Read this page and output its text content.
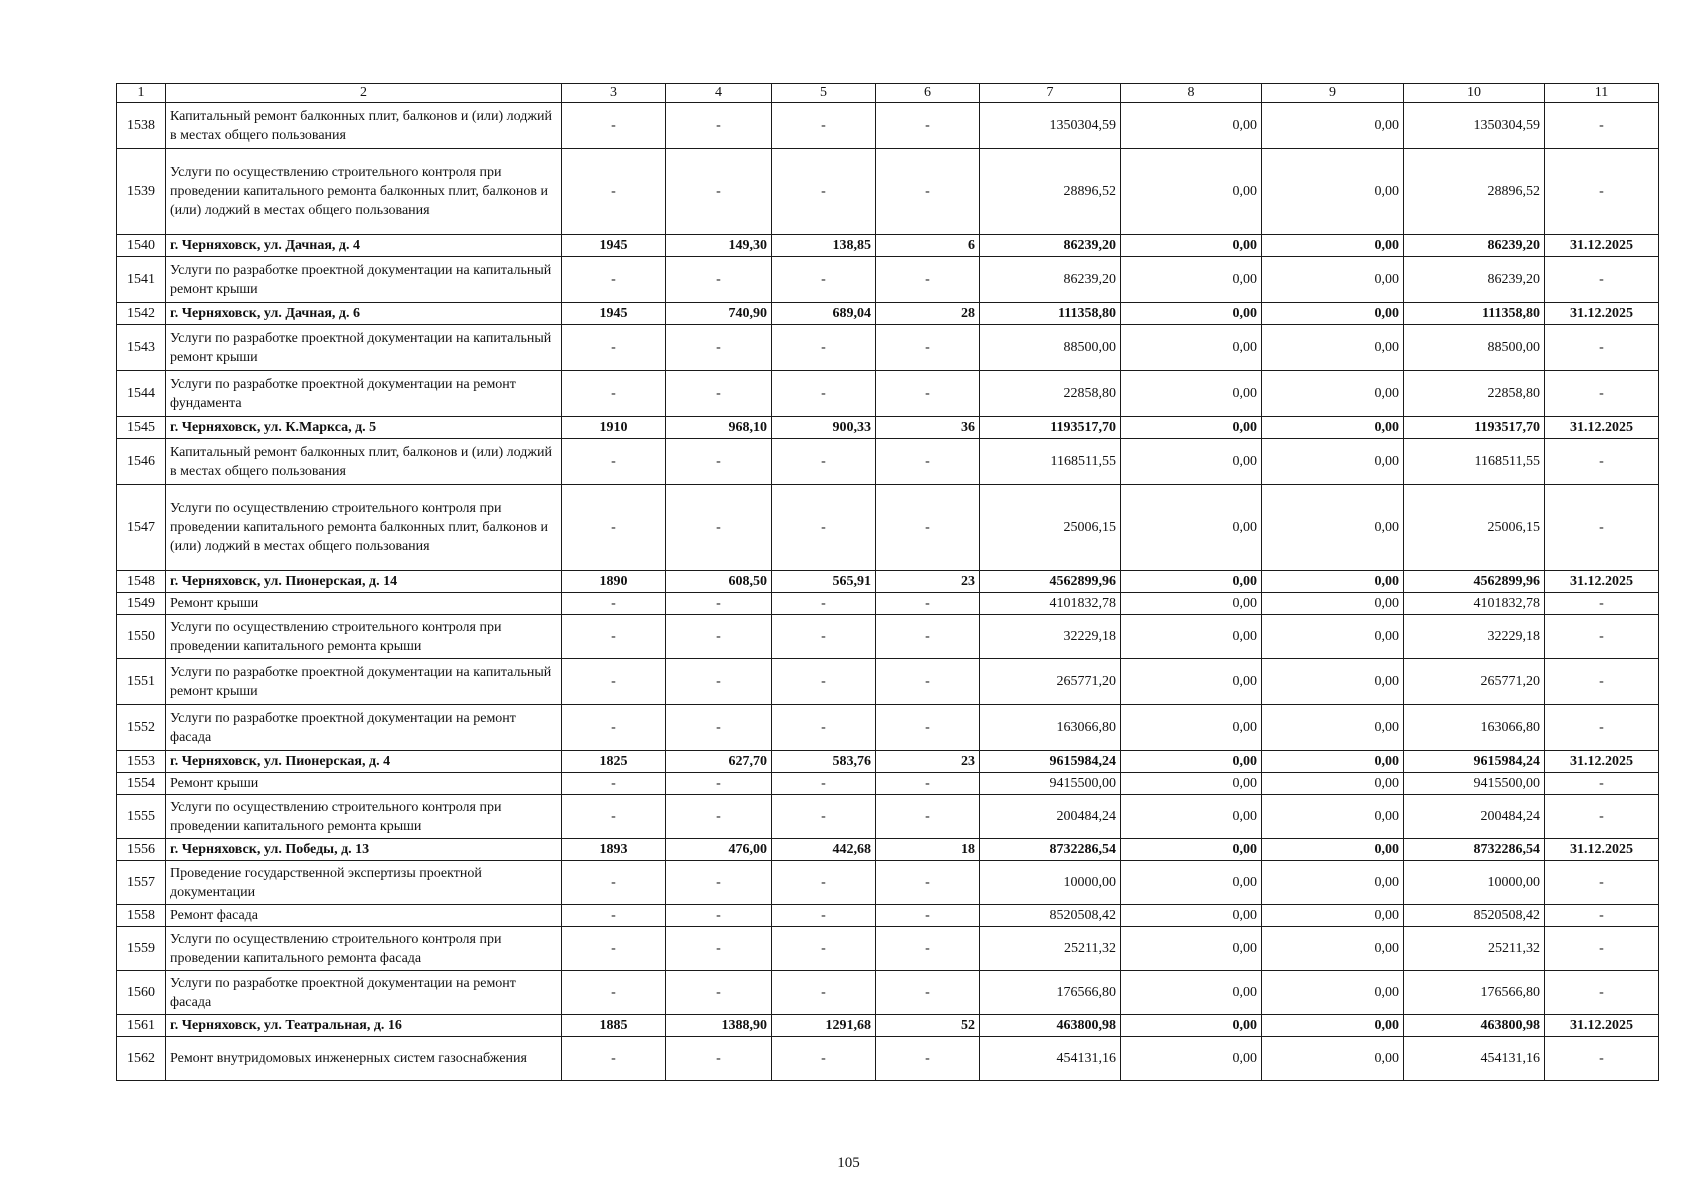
1	2	3	4	5	6	7	8	9	10	11
1538	Капитальный ремонт балконных плит, балконов и (или) лоджий в местах общего пользования	-	-	-	-	1350304,59	0,00	0,00	1350304,59	-
1539	Услуги по осуществлению строительного контроля при проведении капитального ремонта балконных плит, балконов и (или) лоджий в местах общего пользования	-	-	-	-	28896,52	0,00	0,00	28896,52	-
1540	г. Черняховск, ул. Дачная, д. 4	1945	149,30	138,85	6	86239,20	0,00	0,00	86239,20	31.12.2025
1541	Услуги по разработке проектной документации на капитальный ремонт крыши	-	-	-	-	86239,20	0,00	0,00	86239,20	-
1542	г. Черняховск, ул. Дачная, д. 6	1945	740,90	689,04	28	111358,80	0,00	0,00	111358,80	31.12.2025
1543	Услуги по разработке проектной документации на капитальный ремонт крыши	-	-	-	-	88500,00	0,00	0,00	88500,00	-
1544	Услуги по разработке проектной документации на ремонт фундамента	-	-	-	-	22858,80	0,00	0,00	22858,80	-
1545	г. Черняховск, ул. К.Маркса, д. 5	1910	968,10	900,33	36	1193517,70	0,00	0,00	1193517,70	31.12.2025
1546	Капитальный ремонт балконных плит, балконов и (или) лоджий в местах общего пользования	-	-	-	-	1168511,55	0,00	0,00	1168511,55	-
1547	Услуги по осуществлению строительного контроля при проведении капитального ремонта балконных плит, балконов и (или) лоджий в местах общего пользования	-	-	-	-	25006,15	0,00	0,00	25006,15	-
1548	г. Черняховск, ул. Пионерская, д. 14	1890	608,50	565,91	23	4562899,96	0,00	0,00	4562899,96	31.12.2025
1549	Ремонт крыши	-	-	-	-	4101832,78	0,00	0,00	4101832,78	-
1550	Услуги по осуществлению строительного контроля при проведении капитального ремонта крыши	-	-	-	-	32229,18	0,00	0,00	32229,18	-
1551	Услуги по разработке проектной документации на капитальный ремонт крыши	-	-	-	-	265771,20	0,00	0,00	265771,20	-
1552	Услуги по разработке проектной документации на ремонт фасада	-	-	-	-	163066,80	0,00	0,00	163066,80	-
1553	г. Черняховск, ул. Пионерская, д. 4	1825	627,70	583,76	23	9615984,24	0,00	0,00	9615984,24	31.12.2025
1554	Ремонт крыши	-	-	-	-	9415500,00	0,00	0,00	9415500,00	-
1555	Услуги по осуществлению строительного контроля при проведении капитального ремонта крыши	-	-	-	-	200484,24	0,00	0,00	200484,24	-
1556	г. Черняховск, ул. Победы, д. 13	1893	476,00	442,68	18	8732286,54	0,00	0,00	8732286,54	31.12.2025
1557	Проведение государственной экспертизы проектной документации	-	-	-	-	10000,00	0,00	0,00	10000,00	-
1558	Ремонт фасада	-	-	-	-	8520508,42	0,00	0,00	8520508,42	-
1559	Услуги по осуществлению строительного контроля при проведении капитального ремонта фасада	-	-	-	-	25211,32	0,00	0,00	25211,32	-
1560	Услуги по разработке проектной документации на ремонт фасада	-	-	-	-	176566,80	0,00	0,00	176566,80	-
1561	г. Черняховск, ул. Театральная, д. 16	1885	1388,90	1291,68	52	463800,98	0,00	0,00	463800,98	31.12.2025
1562	Ремонт внутридомовых инженерных систем газоснабжения	-	-	-	-	454131,16	0,00	0,00	454131,16	-
105
